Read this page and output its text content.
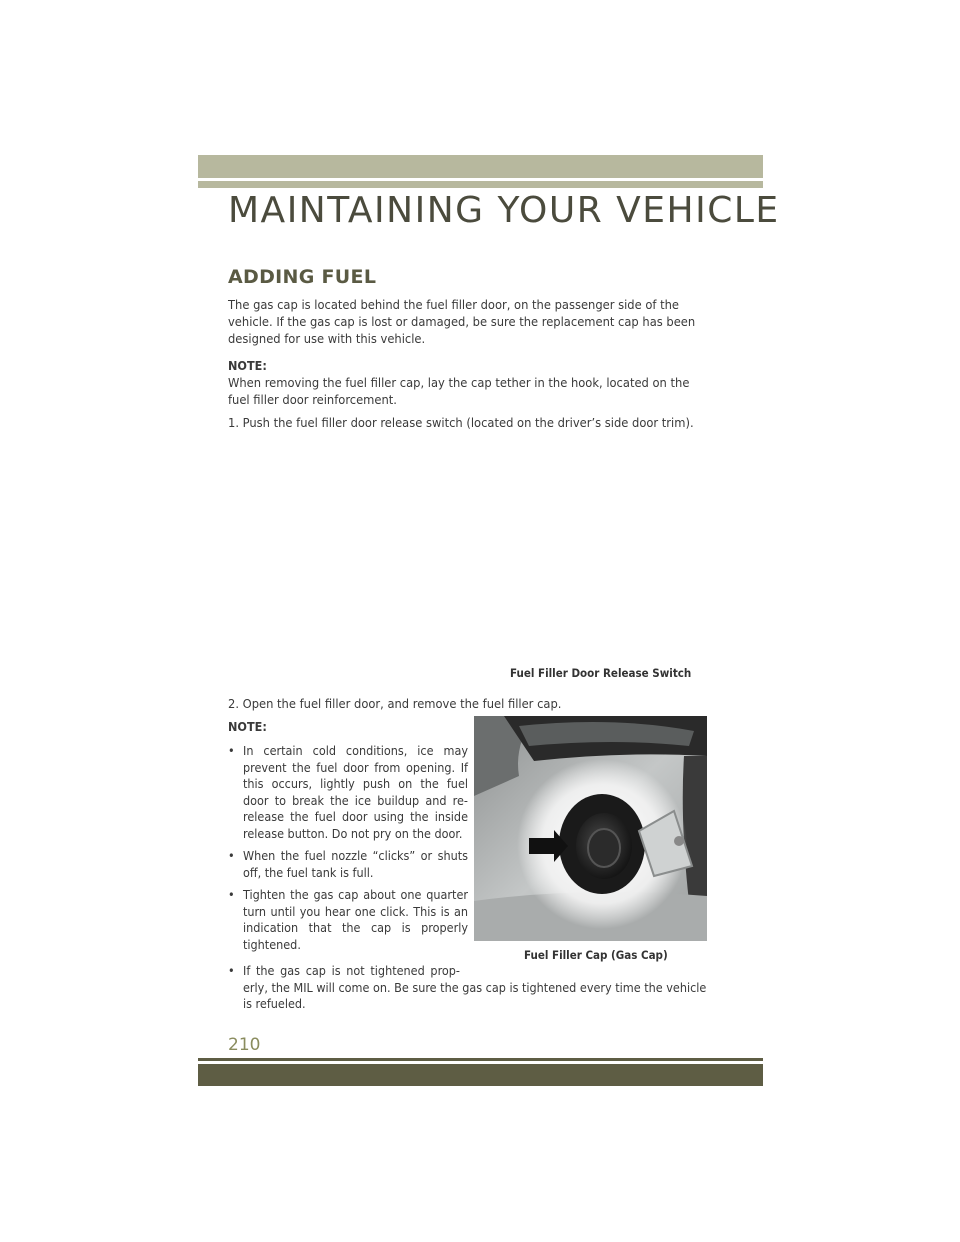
MAINTAINING YOUR VEHICLE
ADDING FUEL

The gas cap is located behind the fuel filler door, on the passenger side of the vehicle. If the gas cap is lost or damaged, be sure the replacement cap has been designed for use with this vehicle.

NOTE:

When removing the fuel filler cap, lay the cap tether in the hook, located on the fuel filler door reinforcement.

1. Push the fuel filler door release switch (located on the driver’s side door trim).

Fuel Filler Door Release Switch

2. Open the fuel filler door, and remove the fuel filler cap.

NOTE:

• In certain cold conditions, ice may prevent the fuel door from opening. If this occurs, lightly push on the fuel door to break the ice buildup and re-release the fuel door using the inside release button. Do not pry on the door.
• When the fuel nozzle “clicks” or shuts off, the fuel tank is full.
• Tighten the gas cap about one quarter turn until you hear one click. This is an indication that the cap is properly tightened.
• If the gas cap is not tightened prop-
erly, the MIL will come on. Be sure the gas cap is tightened every time the vehicle is refueled.

Fuel Filler Cap (Gas Cap)

210
